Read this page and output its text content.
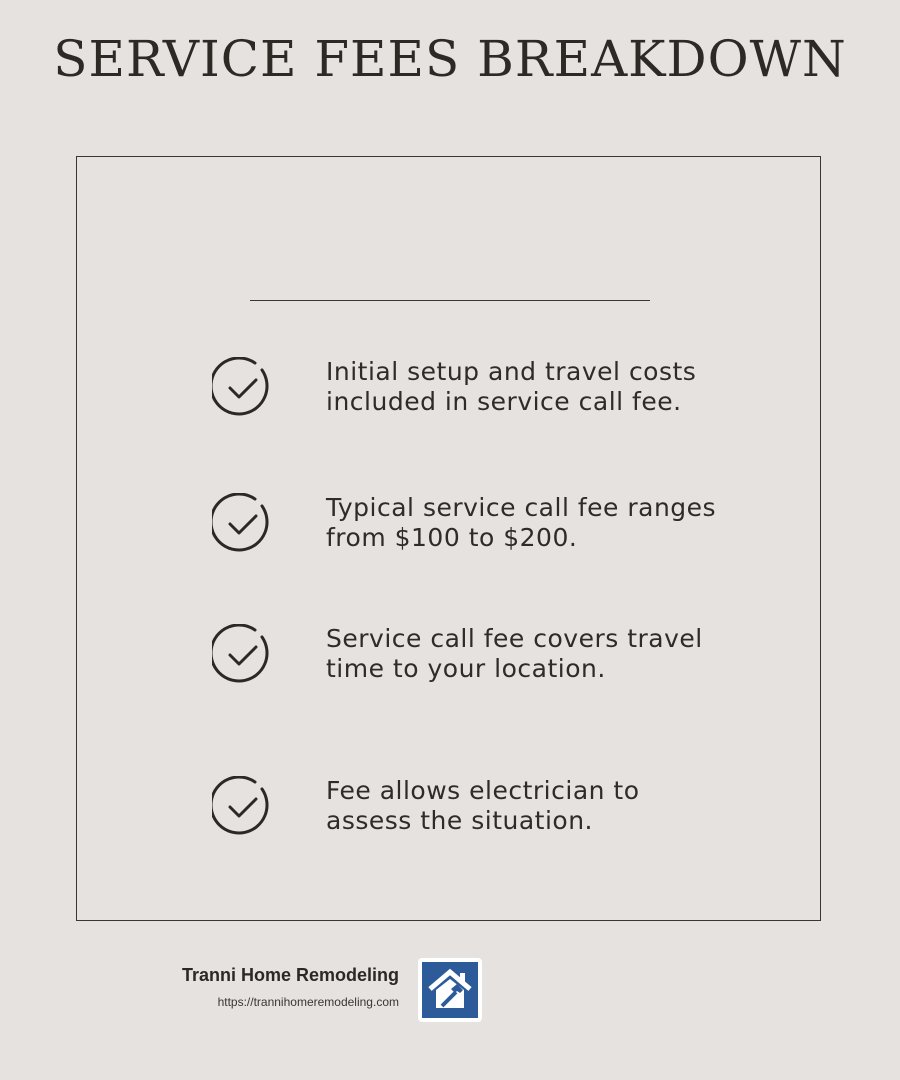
SERVICE FEES BREAKDOWN
Initial setup and travel costs
included in service call fee.
Typical service call fee ranges
from $100 to $200.
Service call fee covers travel
time to your location.
Fee allows electrician to
assess the situation.
Tranni Home Remodeling
https://trannihomeremodeling.com
